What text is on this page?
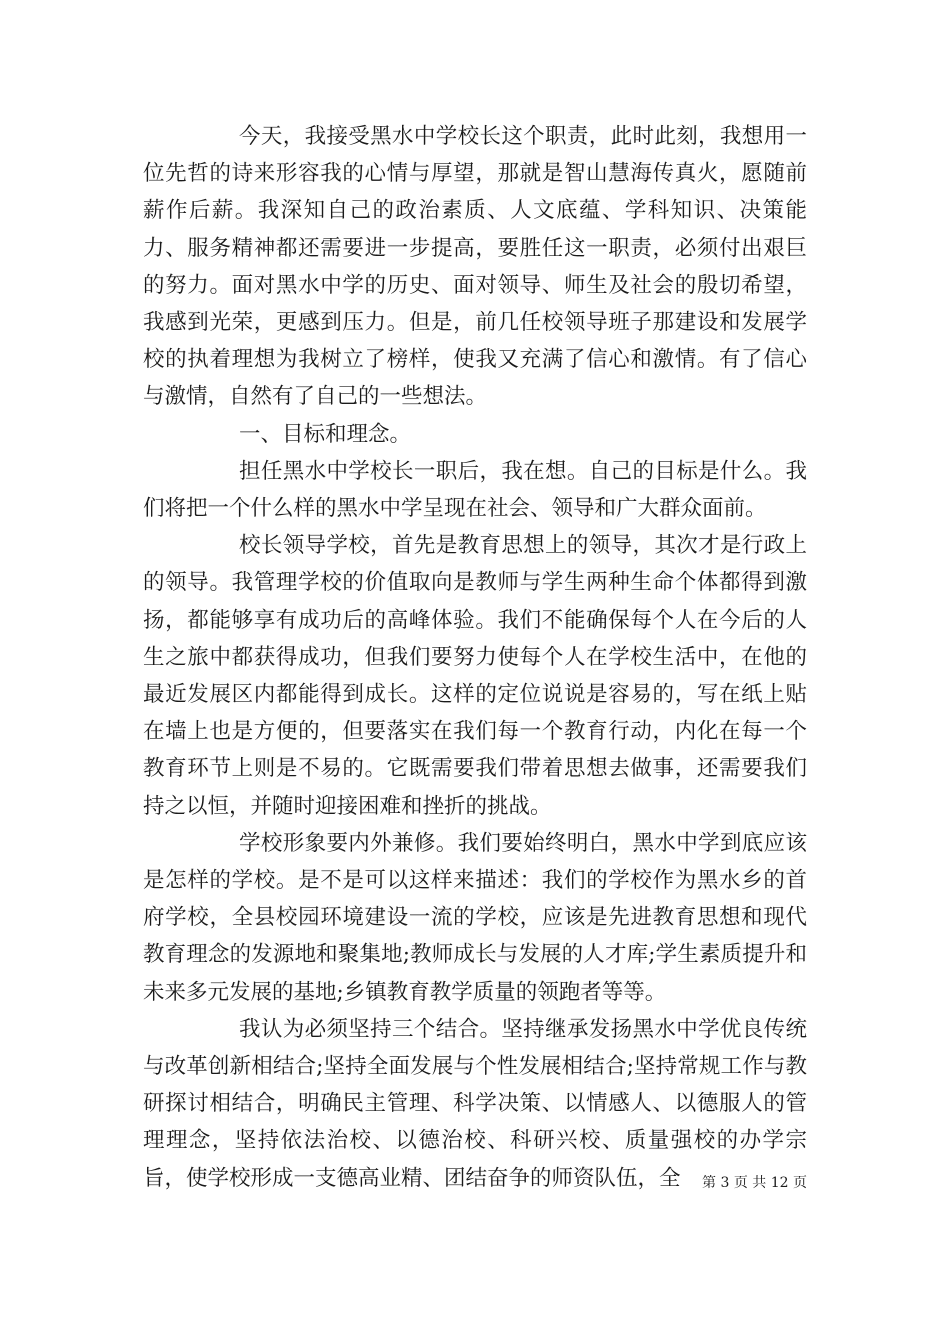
今天，我接受黑水中学校长这个职责，此时此刻，我想用一位先哲的诗来形容我的心情与厚望，那就是智山慧海传真火，愿随前薪作后薪。我深知自己的政治素质、人文底蕴、学科知识、决策能力、服务精神都还需要进一步提高，要胜任这一职责，必须付出艰巨的努力。面对黑水中学的历史、面对领导、师生及社会的殷切希望，我感到光荣，更感到压力。但是，前几任校领导班子那建设和发展学校的执着理想为我树立了榜样，使我又充满了信心和激情。有了信心与激情，自然有了自己的一些想法。

一、目标和理念。

担任黑水中学校长一职后，我在想。自己的目标是什么。我们将把一个什么样的黑水中学呈现在社会、领导和广大群众面前。

校长领导学校，首先是教育思想上的领导，其次才是行政上的领导。我管理学校的价值取向是教师与学生两种生命个体都得到激扬，都能够享有成功后的高峰体验。我们不能确保每个人在今后的人生之旅中都获得成功，但我们要努力使每个人在学校生活中，在他的最近发展区内都能得到成长。这样的定位说说是容易的，写在纸上贴在墙上也是方便的，但要落实在我们每一个教育行动，内化在每一个教育环节上则是不易的。它既需要我们带着思想去做事，还需要我们持之以恒，并随时迎接困难和挫折的挑战。

学校形象要内外兼修。我们要始终明白，黑水中学到底应该是怎样的学校。是不是可以这样来描述：我们的学校作为黑水乡的首府学校，全县校园环境建设一流的学校，应该是先进教育思想和现代教育理念的发源地和聚集地;教师成长与发展的人才库;学生素质提升和未来多元发展的基地;乡镇教育教学质量的领跑者等等。

我认为必须坚持三个结合。坚持继承发扬黑水中学优良传统与改革创新相结合;坚持全面发展与个性发展相结合;坚持常规工作与教研探讨相结合，明确民主管理、科学决策、以情感人、以德服人的管理理念，坚持依法治校、以德治校、科研兴校、质量强校的办学宗旨，使学校形成一支德高业精、团结奋争的师资队伍，全	第 3 页 共 12 页
